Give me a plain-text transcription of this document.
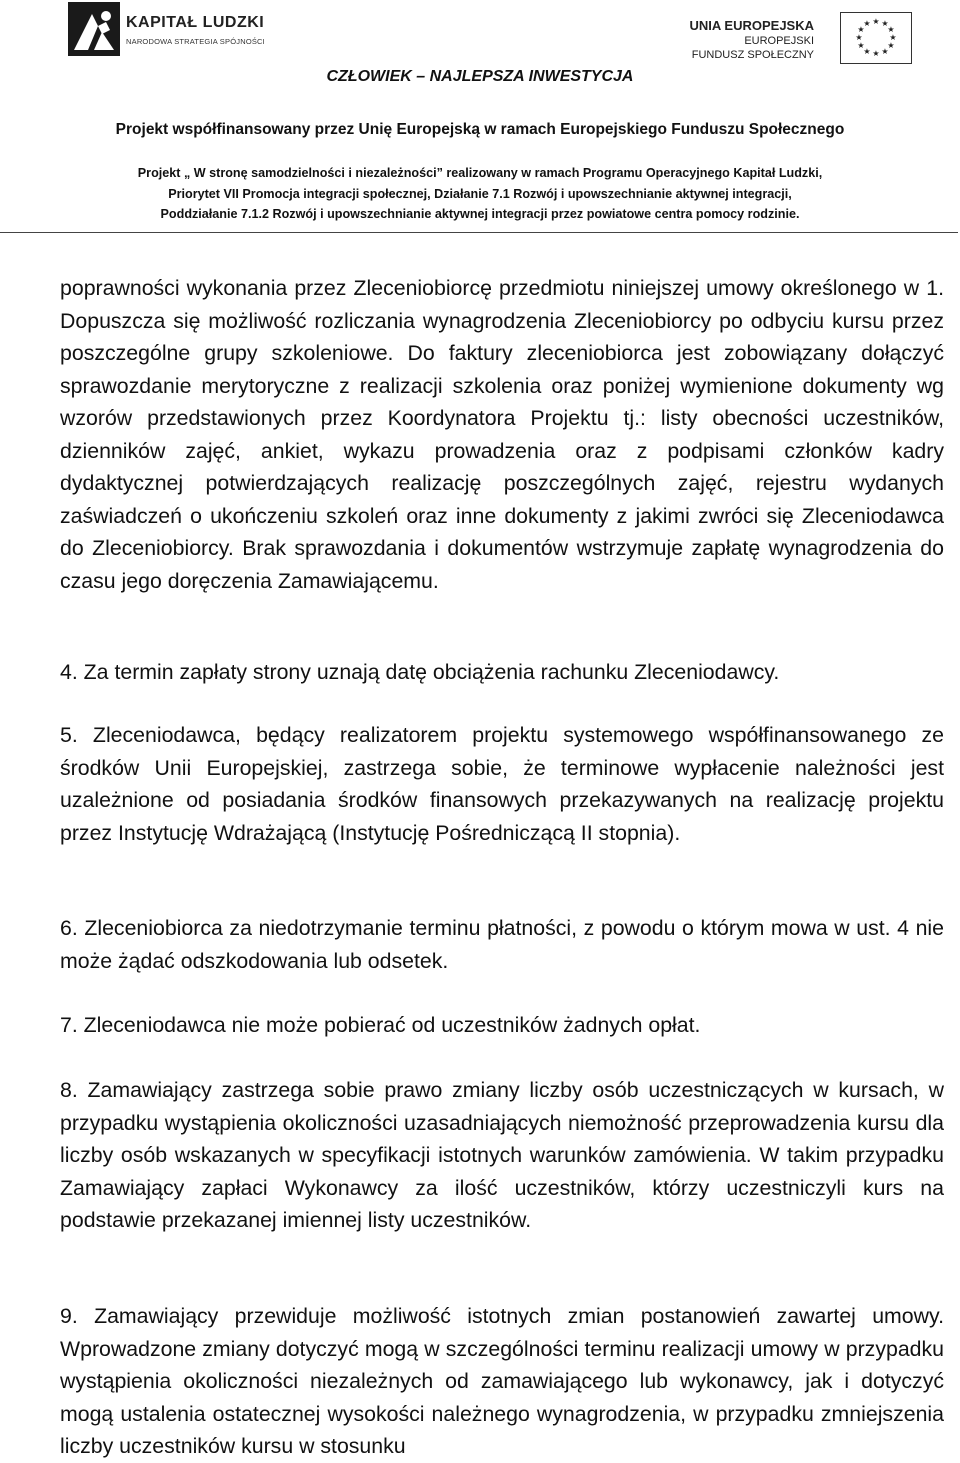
KAPITAŁ LUDZKI
NARODOWA STRATEGIA SPÓJNOŚCI
UNIA EUROPEJSKA
EUROPEJSKI
FUNDUSZ SPOŁECZNY
★ ★
★
★
★
★
★
★
★
★
★
★
CZŁOWIEK – NAJLEPSZA INWESTYCJA
Projekt współfinansowany przez Unię Europejską w ramach Europejskiego Funduszu Społecznego
Projekt „ W stronę samodzielności i niezależności” realizowany w ramach Programu Operacyjnego Kapitał Ludzki,
Priorytet VII Promocja integracji społecznej, Działanie 7.1 Rozwój i upowszechnianie aktywnej integracji,
Poddziałanie 7.1.2 Rozwój i upowszechnianie aktywnej integracji przez powiatowe centra pomocy rodzinie.

poprawności wykonania przez Zleceniobiorcę przedmiotu niniejszej umowy określonego w 1. Dopuszcza się możliwość rozliczania wynagrodzenia Zleceniobiorcy po odbyciu kursu przez poszczególne grupy szkoleniowe. Do faktury zleceniobiorca jest zobowiązany dołączyć sprawozdanie merytoryczne z realizacji szkolenia oraz poniżej wymienione dokumenty wg wzorów przedstawionych przez Koordynatora Projektu tj.: listy obecności uczestników, dzienników zajęć, ankiet, wykazu prowadzenia oraz z podpisami członków kadry dydaktycznej potwierdzających realizację poszczególnych zajęć, rejestru wydanych zaświadczeń o ukończeniu szkoleń oraz inne dokumenty z jakimi zwróci się Zleceniodawca do Zleceniobiorcy. Brak sprawozdania i dokumentów wstrzymuje zapłatę wynagrodzenia do czasu jego doręczenia Zamawiającemu.

4. Za termin zapłaty strony uznają datę obciążenia rachunku Zleceniodawcy.

5. Zleceniodawca, będący realizatorem projektu systemowego współfinansowanego ze środków Unii Europejskiej, zastrzega sobie, że terminowe wypłacenie należności jest uzależnione od posiadania środków finansowych przekazywanych na realizację projektu przez Instytucję Wdrażającą (Instytucję Pośredniczącą II stopnia).

6. Zleceniobiorca za niedotrzymanie terminu płatności, z powodu o którym mowa w ust. 4 nie może żądać odszkodowania lub odsetek.

7. Zleceniodawca nie może pobierać od uczestników żadnych opłat.

8. Zamawiający zastrzega sobie prawo zmiany liczby osób uczestniczących w kursach, w przypadku wystąpienia okoliczności uzasadniających niemożność przeprowadzenia kursu dla liczby osób wskazanych w specyfikacji istotnych warunków zamówienia. W takim przypadku Zamawiający zapłaci Wykonawcy za ilość uczestników, którzy uczestniczyli kurs na podstawie przekazanej imiennej listy uczestników.

9. Zamawiający przewiduje możliwość istotnych zmian postanowień zawartej umowy. Wprowadzone zmiany dotyczyć mogą w szczególności terminu realizacji umowy w przypadku wystąpienia okoliczności niezależnych od zamawiającego lub wykonawcy, jak i dotyczyć mogą ustalenia ostatecznej wysokości należnego wynagrodzenia, w przypadku zmniejszenia liczby uczestników kursu w stosunku
